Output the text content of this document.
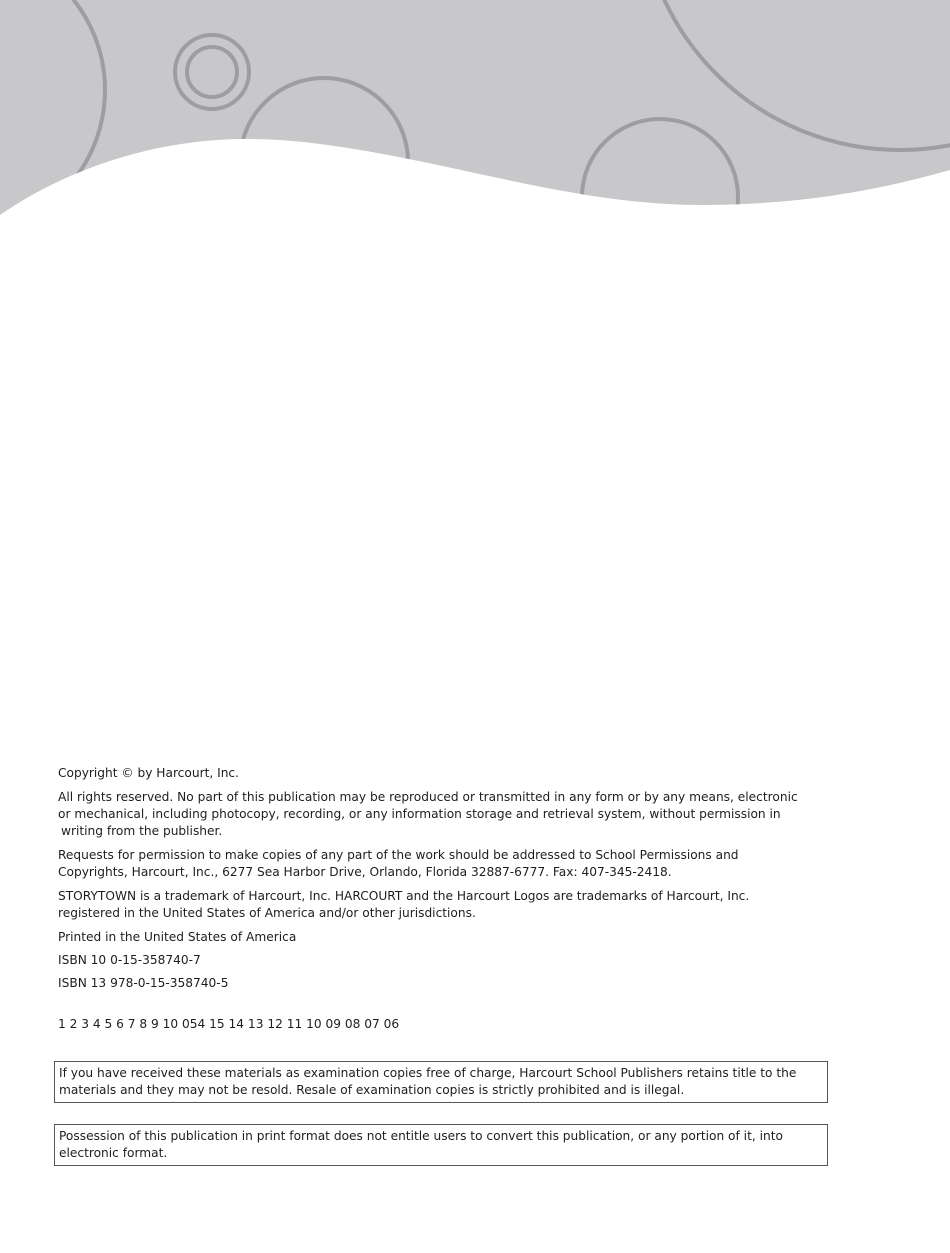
Copyright © by Harcourt, Inc.

All rights reserved. No part of this publication may be reproduced or transmitted in any form or by any means, electronic
or mechanical, including photocopy, recording, or any information storage and retrieval system, without permission in
writing from the publisher.

Requests for permission to make copies of any part of the work should be addressed to School Permissions and
Copyrights, Harcourt, Inc., 6277 Sea Harbor Drive, Orlando, Florida 32887-6777. Fax: 407-345-2418.

STORYTOWN is a trademark of Harcourt, Inc. HARCOURT and the Harcourt Logos are trademarks of Harcourt, Inc.
registered in the United States of America and/or other jurisdictions.

Printed in the United States of America

ISBN 10 0-15-358740-7

ISBN 13 978-0-15-358740-5

1 2 3 4 5 6 7 8 9 10 054 15 14 13 12 11 10 09 08 07 06

If you have received these materials as examination copies free of charge, Harcourt School Publishers retains title to the
materials and they may not be resold. Resale of examination copies is strictly prohibited and is illegal.
Possession of this publication in print format does not entitle users to convert this publication, or any portion of it, into
electronic format.
